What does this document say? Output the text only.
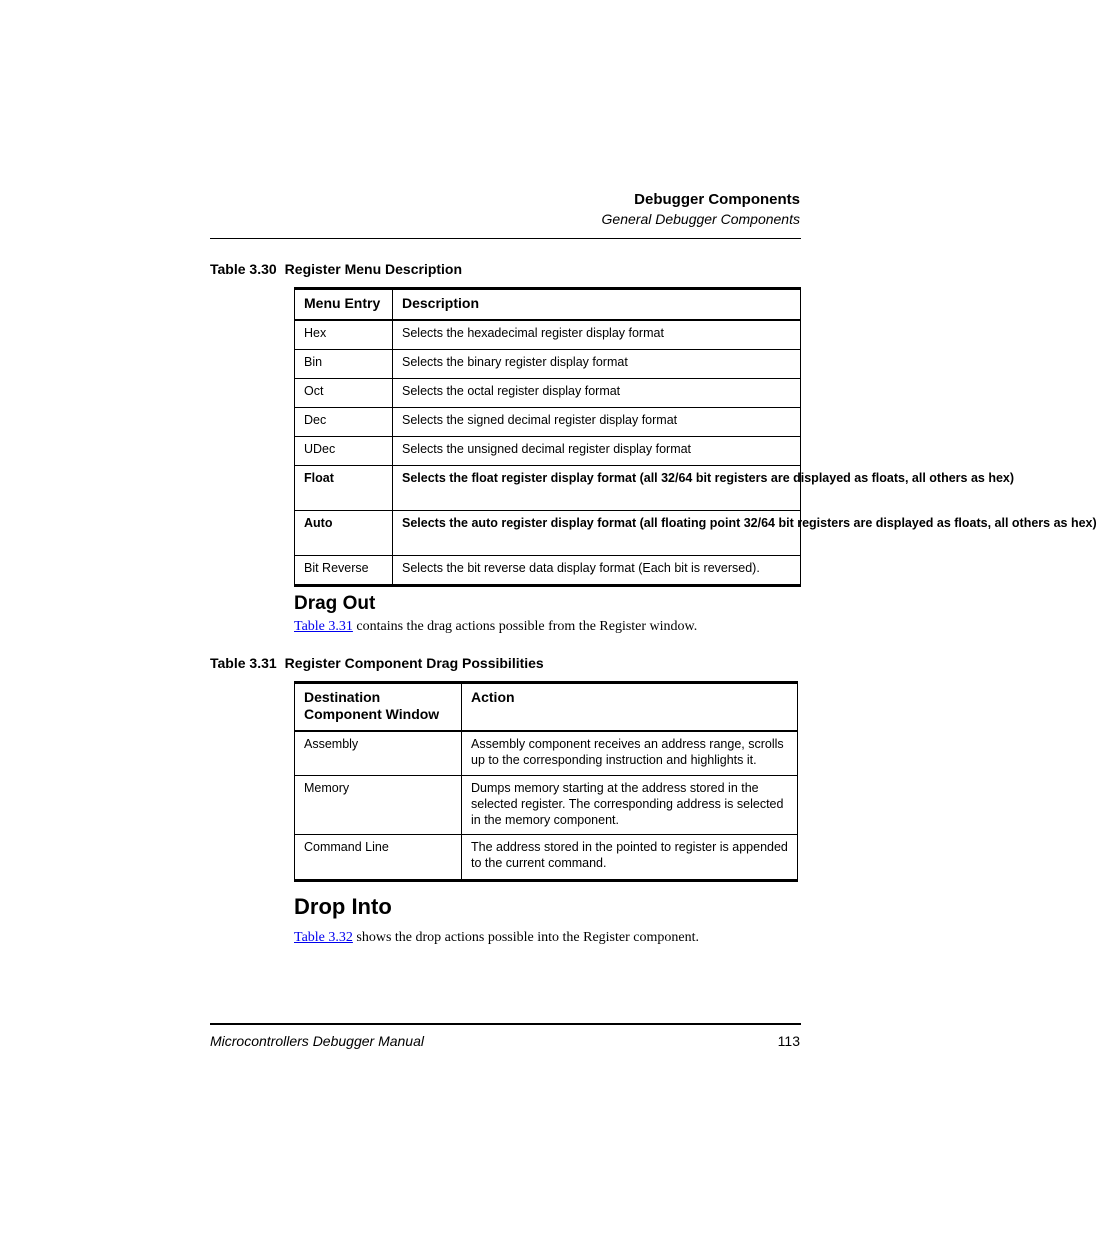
Debugger Components
General Debugger Components
Table 3.30 Register Menu Description
Menu Entry	Description
Hex	Selects the hexadecimal register display format
Bin	Selects the binary register display format
Oct	Selects the octal register display format
Dec	Selects the signed decimal register display format
UDec	Selects the unsigned decimal register display format
Float	Selects the float register display format (all 32/64 bit registers are displayed as floats, all others as hex)
Auto	Selects the auto register display format (all floating point 32/64 bit registers are displayed as floats, all others as hex)
Bit Reverse	Selects the bit reverse data display format (Each bit is reversed).
Drag Out
Table 3.31 contains the drag actions possible from the Register window.
Table 3.31 Register Component Drag Possibilities
Destination Component Window	Action
Assembly	Assembly component receives an address range, scrolls up to the corresponding instruction and highlights it.
Memory	Dumps memory starting at the address stored in the selected register. The corresponding address is selected in the memory component.
Command Line	The address stored in the pointed to register is appended to the current command.
Drop Into
Table 3.32 shows the drop actions possible into the Register component.
Microcontrollers Debugger Manual	113
